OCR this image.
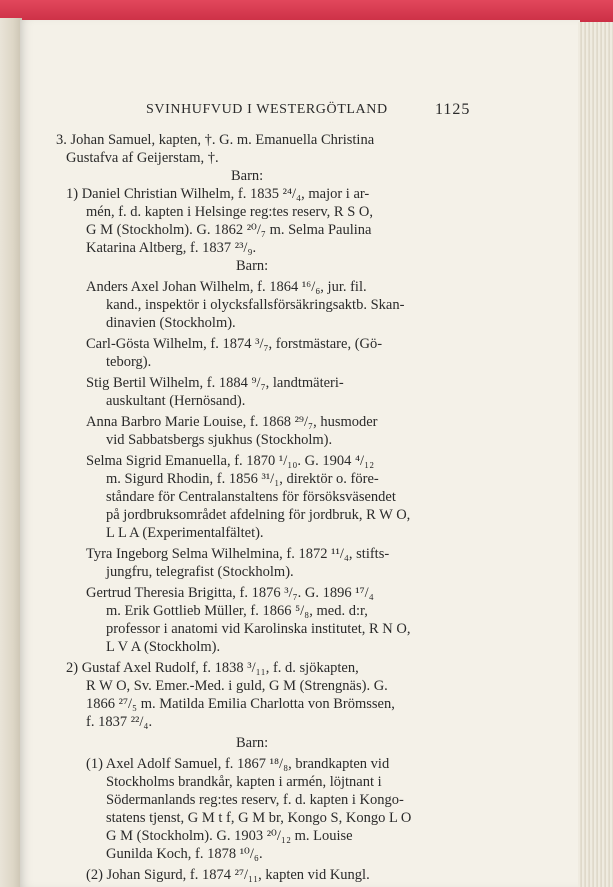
SVINHUFVUD I WESTERGÖTLAND	1125
3. Johan Samuel, kapten, †. G. m. Emanuella Christina
Gustafva af Geijerstam, †.
Barn:
1) Daniel Christian Wilhelm, f. 1835 ²⁴/₄, major i ar-
mén, f. d. kapten i Helsinge reg:tes reserv, R S O,
G M (Stockholm). G. 1862 ²⁰/₇ m. Selma Paulina
Katarina Altberg, f. 1837 ²³/₉.
Barn:
Anders Axel Johan Wilhelm, f. 1864 ¹⁶/₆, jur. fil.
kand., inspektör i olycksfallsförsäkringsaktb. Skan-
dinavien (Stockholm).
Carl-Gösta Wilhelm, f. 1874 ³/₇, forstmästare, (Gö-
teborg).
Stig Bertil Wilhelm, f. 1884 ⁹/₇, landtmäteri-
auskultant (Hernösand).
Anna Barbro Marie Louise, f. 1868 ²⁹/₇, husmoder
vid Sabbatsbergs sjukhus (Stockholm).
Selma Sigrid Emanuella, f. 1870 ¹/₁₀. G. 1904 ⁴/₁₂
m. Sigurd Rhodin, f. 1856 ³¹/₁, direktör o. före-
ståndare för Centralanstaltens för försöksväsendet
på jordbruksområdet afdelning för jordbruk, R W O,
L L A (Experimentalfältet).
Tyra Ingeborg Selma Wilhelmina, f. 1872 ¹¹/₄, stifts-
jungfru, telegrafist (Stockholm).
Gertrud Theresia Brigitta, f. 1876 ³/₇. G. 1896 ¹⁷/₄
m. Erik Gottlieb Müller, f. 1866 ⁵/₈, med. d:r,
professor i anatomi vid Karolinska institutet, R N O,
L V A (Stockholm).
2) Gustaf Axel Rudolf, f. 1838 ³/₁₁, f. d. sjökapten,
R W O, Sv. Emer.-Med. i guld, G M (Strengnäs). G.
1866 ²⁷/₅ m. Matilda Emilia Charlotta von Brömssen,
f. 1837 ²²/₄.
Barn:
(1) Axel Adolf Samuel, f. 1867 ¹⁸/₈, brandkapten vid
Stockholms brandkår, kapten i armén, löjtnant i
Södermanlands reg:tes reserv, f. d. kapten i Kongo-
statens tjenst, G M t f, G M br, Kongo S, Kongo L O
G M (Stockholm). G. 1903 ²⁰/₁₂ m. Louise
Gunilda Koch, f. 1878 ¹⁰/₆.
(2) Johan Sigurd, f. 1874 ²⁷/₁₁, kapten vid Kungl.
